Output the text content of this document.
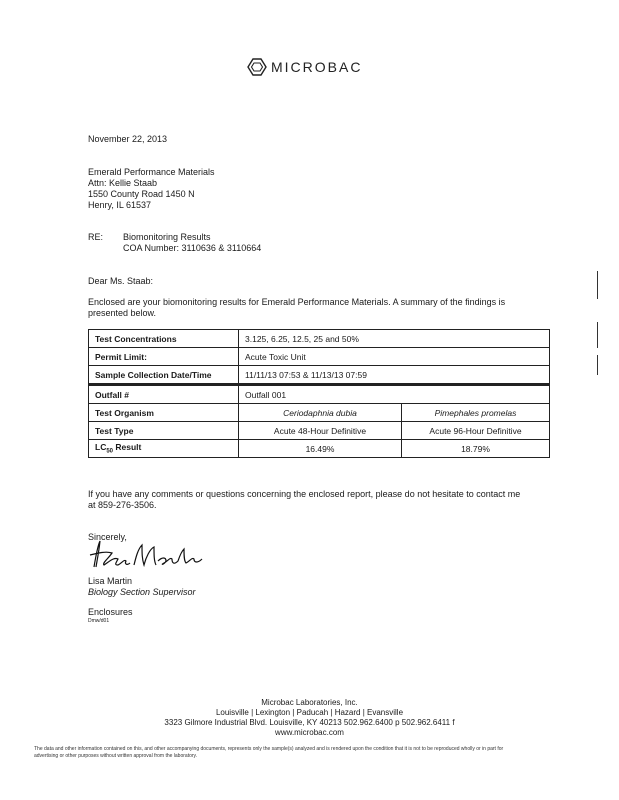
MICROBAC
November 22, 2013
Emerald Performance Materials
Attn: Kellie Staab
1550 County Road 1450 N
Henry, IL 61537
RE: Biomonitoring Results
COA Number: 3110636 & 3110664
Dear Ms. Staab:
Enclosed are your biomonitoring results for Emerald Performance Materials. A summary of the findings is
presented below.
Test Concentrations	3.125, 6.25, 12.5, 25 and 50%	
Permit Limit:	Acute Toxic Unit	
Sample Collection Date/Time	11/11/13 07:53 & 11/13/13 07:59	
Outfall #	Outfall 001	
Test Organism	Ceriodaphnia dubia	Pimephales promelas
Test Type	Acute 48-Hour Definitive	Acute 96-Hour Definitive
$LC_{50}$ Result	16.49%	18.79%
If you have any comments or questions concerning the enclosed report, please do not hesitate to contact me
at 859-276-3506.
Sincerely,
Lisa Martin
Biology Section Supervisor
Enclosures
Dmw/d01
Microbac Laboratories, Inc.
Louisville | Lexington | Paducah | Hazard | Evansville
3323 Gilmore Industrial Blvd. Louisville, KY 40213 502.962.6400 p 502.962.6411 f
www.microbac.com
The data and other information contained on this, and other accompanying documents, represents only the sample(s) analyzed and is rendered upon the condition that it is not to be reproduced wholly or in part for
advertising or other purposes without written approval from the laboratory.
